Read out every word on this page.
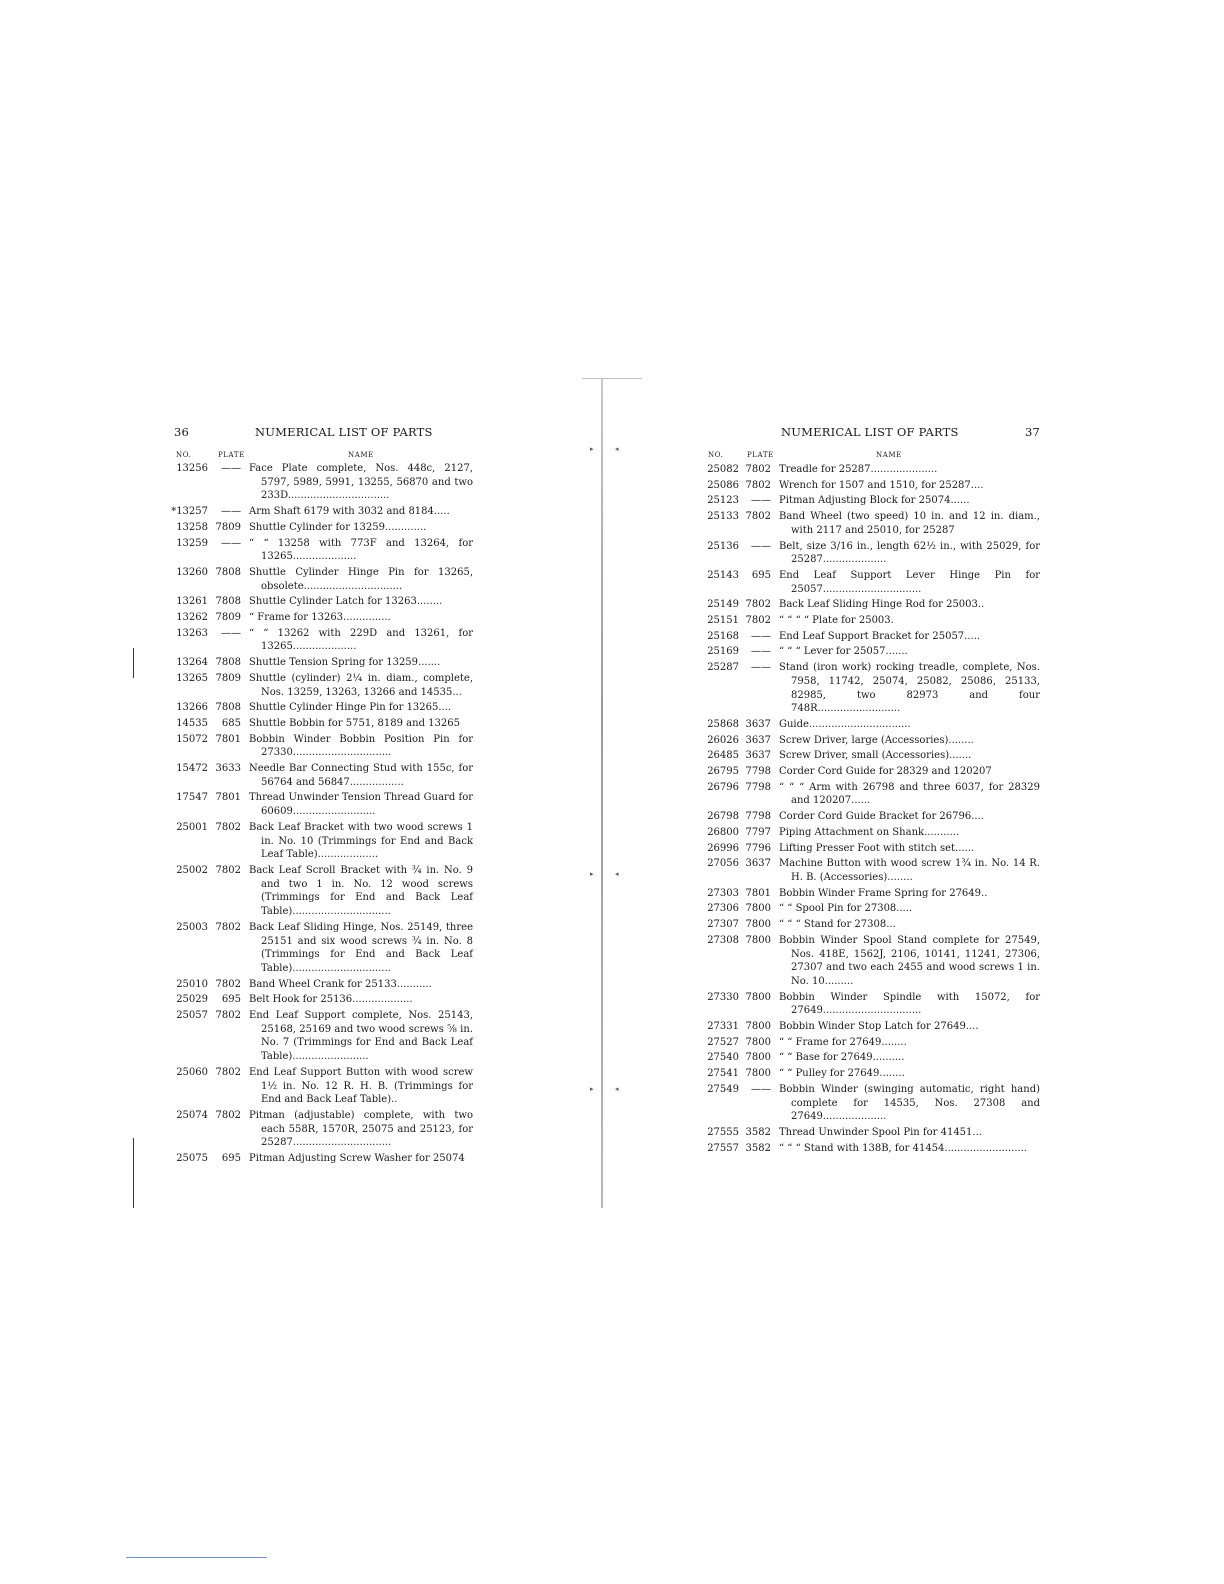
▸	◂
▸	◂
▸	◂
36	NUMERICAL LIST OF PARTS
NO.	PLATE	NAME
13256	—— Face Plate complete, Nos. 448c, 2127, 5797, 5989, 5991, 13255, 56870 and two 233D................................
*13257	—— Arm Shaft 6179 with 3032 and 8184.....
13258 7809 Shuttle Cylinder for 13259.............
13259	—— “ “ 13258 with 773F and 13264, for 13265....................
13260 7808 Shuttle Cylinder Hinge Pin for 13265, obsolete...............................
13261 7808 Shuttle Cylinder Latch for 13263........
13262 7809 “ Frame for 13263...............
13263	—— “ “ 13262 with 229D and 13261, for 13265....................
13264 7808 Shuttle Tension Spring for 13259.......
13265 7809 Shuttle (cylinder) 2¼ in. diam., complete, Nos. 13259, 13263, 13266 and 14535...
13266 7808 Shuttle Cylinder Hinge Pin for 13265....
14535	685 Shuttle Bobbin for 5751, 8189 and 13265
15072 7801 Bobbin Winder Bobbin Position Pin for 27330...............................
15472 3633 Needle Bar Connecting Stud with 155c, for 56764 and 56847.................
17547 7801 Thread Unwinder Tension Thread Guard for 60609..........................
25001 7802 Back Leaf Bracket with two wood screws 1 in. No. 10 (Trimmings for End and Back Leaf Table)...................
25002 7802 Back Leaf Scroll Bracket with ¾ in. No. 9 and two 1 in. No. 12 wood screws (Trimmings for End and Back Leaf Table)...............................
25003 7802 Back Leaf Sliding Hinge, Nos. 25149, three 25151 and six wood screws ¾ in. No. 8 (Trimmings for End and Back Leaf Table)...............................
25010 7802 Band Wheel Crank for 25133...........
25029	695 Belt Hook for 25136...................
25057 7802 End Leaf Support complete, Nos. 25143, 25168, 25169 and two wood screws ⅝ in. No. 7 (Trimmings for End and Back Leaf Table)........................
25060 7802 End Leaf Support Button with wood screw 1½ in. No. 12 R. H. B. (Trimmings for End and Back Leaf Table)..
25074 7802 Pitman (adjustable) complete, with two each 558R, 1570R, 25075 and 25123, for 25287...............................
25075	695 Pitman Adjusting Screw Washer for 25074
NUMERICAL LIST OF PARTS	37
NO.	PLATE	NAME
25082 7802 Treadle for 25287.....................
25086 7802 Wrench for 1507 and 1510, for 25287....
25123	—— Pitman Adjusting Block for 25074......
25133 7802 Band Wheel (two speed) 10 in. and 12 in. diam., with 2117 and 25010, for 25287
25136	—— Belt, size 3/16 in., length 62½ in., with 25029, for 25287....................
25143	695 End Leaf Support Lever Hinge Pin for 25057...............................
25149 7802 Back Leaf Sliding Hinge Rod for 25003..
25151 7802 “ “ “ “ Plate for 25003.
25168	—— End Leaf Support Bracket for 25057.....
25169	—— “ “ “ Lever for 25057.......
25287	—— Stand (iron work) rocking treadle, complete, Nos. 7958, 11742, 25074, 25082, 25086, 25133, 82985, two 82973 and four 748R..........................
25868 3637 Guide................................
26026 3637 Screw Driver, large (Accessories)........
26485 3637 Screw Driver, small (Accessories).......
26795 7798 Corder Cord Guide for 28329 and 120207
26796 7798 “ “ “ Arm with 26798 and three 6037, for 28329 and 120207......
26798 7798 Corder Cord Guide Bracket for 26796....
26800 7797 Piping Attachment on Shank...........
26996 7796 Lifting Presser Foot with stitch set......
27056 3637 Machine Button with wood screw 1¾ in. No. 14 R. H. B. (Accessories)........
27303 7801 Bobbin Winder Frame Spring for 27649..
27306 7800 “ “ Spool Pin for 27308.....
27307 7800 “ “ “ Stand for 27308...
27308 7800 Bobbin Winder Spool Stand complete for 27549, Nos. 418E, 1562J, 2106, 10141, 11241, 27306, 27307 and two each 2455 and wood screws 1 in. No. 10.........
27330 7800 Bobbin Winder Spindle with 15072, for 27649...............................
27331 7800 Bobbin Winder Stop Latch for 27649....
27527 7800 “ “ Frame for 27649........
27540 7800 “ “ Base for 27649..........
27541 7800 “ “ Pulley for 27649........
27549	—— Bobbin Winder (swinging automatic, right hand) complete for 14535, Nos. 27308 and 27649....................
27555 3582 Thread Unwinder Spool Pin for 41451...
27557 3582 “ “ “ Stand with 138B, for 41454..........................
